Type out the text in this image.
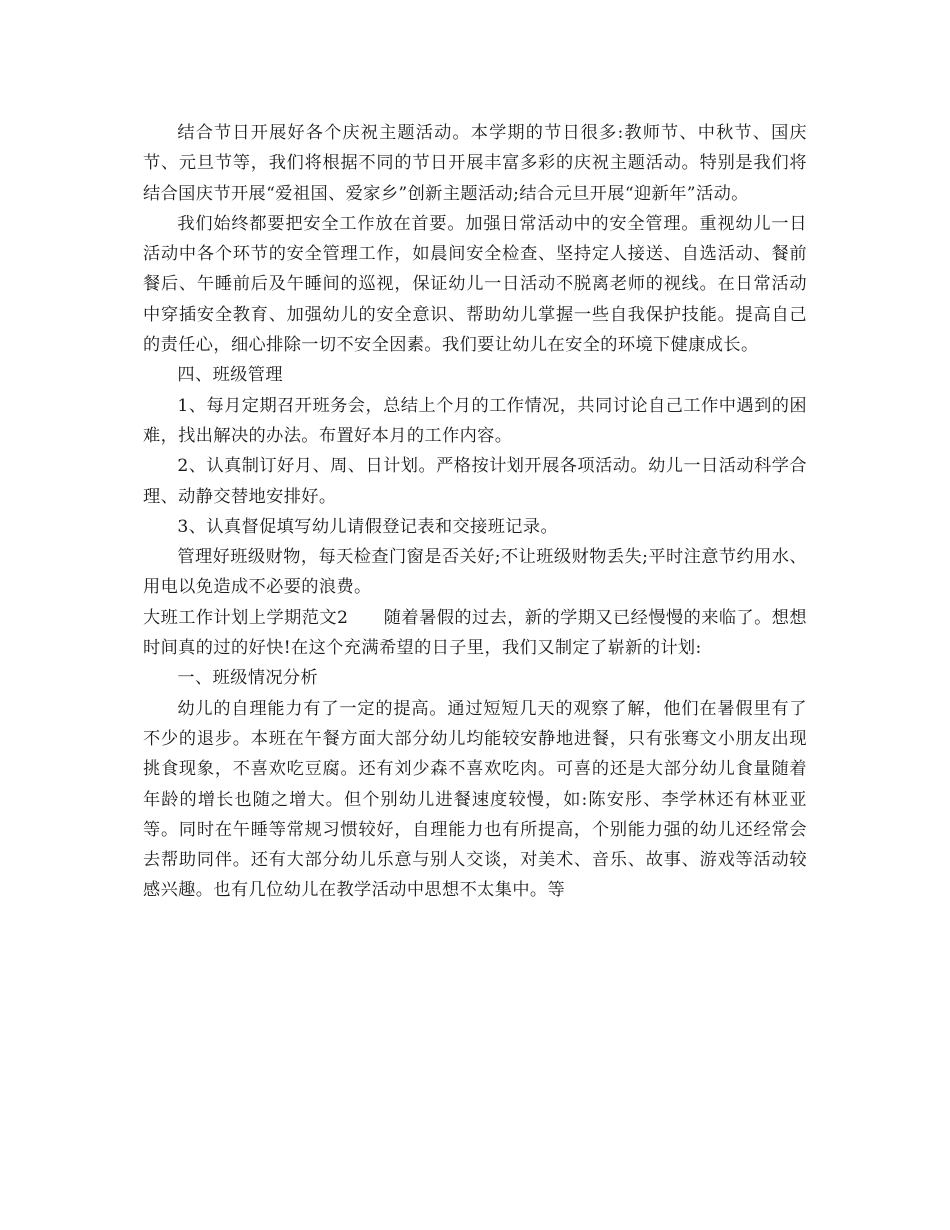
结合节日开展好各个庆祝主题活动。本学期的节日很多:教师节、中秋节、国庆节、元旦节等，我们将根据不同的节日开展丰富多彩的庆祝主题活动。特别是我们将结合国庆节开展“爱祖国、爱家乡”创新主题活动;结合元旦开展“迎新年”活动。

我们始终都要把安全工作放在首要。加强日常活动中的安全管理。重视幼儿一日活动中各个环节的安全管理工作，如晨间安全检查、坚持定人接送、自选活动、餐前餐后、午睡前后及午睡间的巡视，保证幼儿一日活动不脱离老师的视线。在日常活动中穿插安全教育、加强幼儿的安全意识、帮助幼儿掌握一些自我保护技能。提高自己的责任心，细心排除一切不安全因素。我们要让幼儿在安全的环境下健康成长。

四、班级管理

1、每月定期召开班务会，总结上个月的工作情况，共同讨论自己工作中遇到的困难，找出解决的办法。布置好本月的工作内容。

2、认真制订好月、周、日计划。严格按计划开展各项活动。幼儿一日活动科学合理、动静交替地安排好。

3、认真督促填写幼儿请假登记表和交接班记录。

管理好班级财物，每天检查门窗是否关好;不让班级财物丢失;平时注意节约用水、用电以免造成不必要的浪费。

大班工作计划上学期范文2 随着暑假的过去，新的学期又已经慢慢的来临了。想想时间真的过的好快!在这个充满希望的日子里，我们又制定了崭新的计划:

一、班级情况分析

幼儿的自理能力有了一定的提高。通过短短几天的观察了解，他们在暑假里有了不少的退步。本班在午餐方面大部分幼儿均能较安静地进餐，只有张骞文小朋友出现挑食现象，不喜欢吃豆腐。还有刘少森不喜欢吃肉。可喜的还是大部分幼儿食量随着年龄的增长也随之增大。但个别幼儿进餐速度较慢，如:陈安彤、李学林还有林亚亚等。同时在午睡等常规习惯较好，自理能力也有所提高，个别能力强的幼儿还经常会去帮助同伴。还有大部分幼儿乐意与别人交谈，对美术、音乐、故事、游戏等活动较感兴趣。也有几位幼儿在教学活动中思想不太集中。等
